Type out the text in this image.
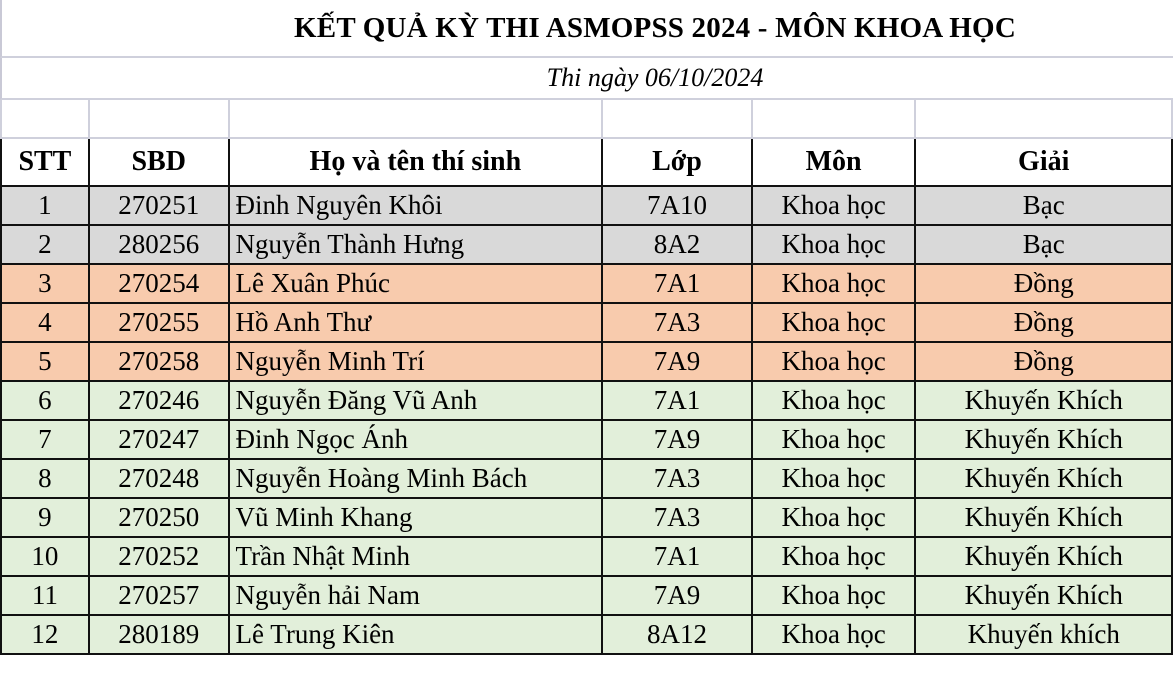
KẾT QUẢ KỲ THI ASMOPSS 2024 - MÔN KHOA HỌC
Thi ngày 06/10/2024

STT	SBD	Họ và tên thí sinh	Lớp	Môn	Giải
1	270251	Đinh Nguyên Khôi	7A10	Khoa học	Bạc
2	280256	Nguyễn Thành Hưng	8A2	Khoa học	Bạc
3	270254	Lê Xuân Phúc	7A1	Khoa học	Đồng
4	270255	Hồ Anh Thư	7A3	Khoa học	Đồng
5	270258	Nguyễn Minh Trí	7A9	Khoa học	Đồng
6	270246	Nguyễn Đăng Vũ Anh	7A1	Khoa học	Khuyến Khích
7	270247	Đinh Ngọc Ánh	7A9	Khoa học	Khuyến Khích
8	270248	Nguyễn Hoàng Minh Bách	7A3	Khoa học	Khuyến Khích
9	270250	Vũ Minh Khang	7A3	Khoa học	Khuyến Khích
10	270252	Trần Nhật Minh	7A1	Khoa học	Khuyến Khích
11	270257	Nguyễn hải Nam	7A9	Khoa học	Khuyến Khích
12	280189	Lê Trung Kiên	8A12	Khoa học	Khuyến khích
